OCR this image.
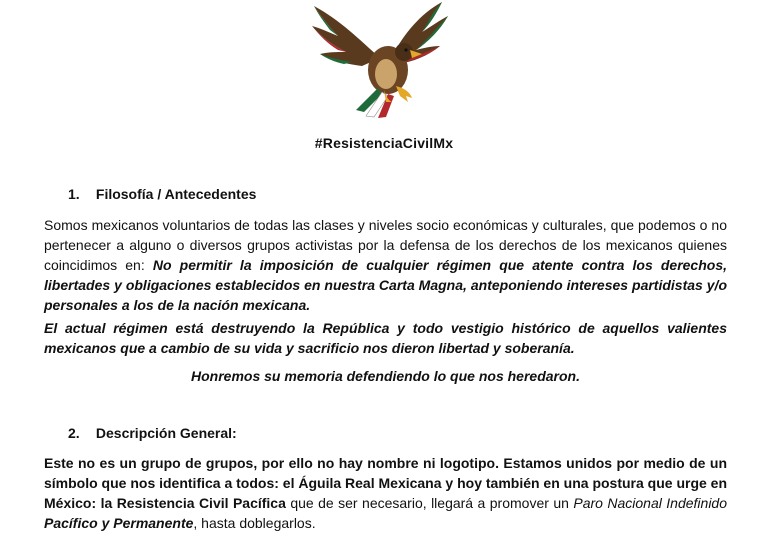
#ResistenciaCivilMx
1. Filosofía / Antecedentes
Somos mexicanos voluntarios de todas las clases y niveles socio económicas y culturales, que podemos o no pertenecer a alguno o diversos grupos activistas por la defensa de los derechos de los mexicanos quienes coincidimos en: No permitir la imposición de cualquier régimen que atente contra los derechos, libertades y obligaciones establecidos en nuestra Carta Magna, anteponiendo intereses partidistas y/o personales a los de la nación mexicana.
El actual régimen está destruyendo la República y todo vestigio histórico de aquellos valientes mexicanos que a cambio de su vida y sacrificio nos dieron libertad y soberanía.
Honremos su memoria defendiendo lo que nos heredaron.
2. Descripción General:
Este no es un grupo de grupos, por ello no hay nombre ni logotipo. Estamos unidos por medio de un símbolo que nos identifica a todos: el Águila Real Mexicana y hoy también en una postura que urge en México: la Resistencia Civil Pacífica que de ser necesario, llegará a promover un Paro Nacional Indefinido Pacífico y Permanente, hasta doblegarlos.
